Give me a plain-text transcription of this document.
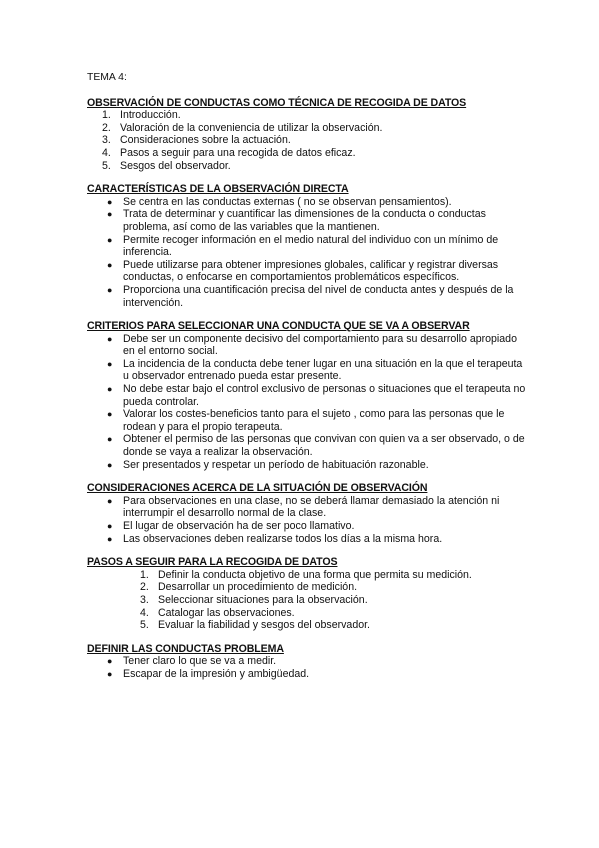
TEMA 4:
OBSERVACIÓN DE CONDUCTAS COMO TÉCNICA DE RECOGIDA DE DATOS
1. Introducción.
2. Valoración de la conveniencia de utilizar la observación.
3. Consideraciones sobre la actuación.
4. Pasos a seguir para una recogida de datos eficaz.
5. Sesgos del observador.
CARACTERÍSTICAS DE LA OBSERVACIÓN DIRECTA
● Se centra en las conductas externas ( no se observan pensamientos).
● Trata de determinar y cuantificar las dimensiones de la conducta o conductas problema, así como de las variables que la mantienen.
● Permite recoger información en el medio natural del individuo con un mínimo de inferencia.
● Puede utilizarse para obtener impresiones globales, calificar y registrar diversas conductas, o enfocarse en comportamientos problemáticos específicos.
● Proporciona una cuantificación precisa del nivel de conducta antes y después de la intervención.
CRITERIOS PARA SELECCIONAR UNA CONDUCTA QUE SE VA A OBSERVAR
● Debe ser un componente decisivo del comportamiento para su desarrollo apropiado en el entorno social.
● La incidencia de la conducta debe tener lugar en una situación en la que el terapeuta u observador entrenado pueda estar presente.
● No debe estar bajo el control exclusivo de personas o situaciones que el terapeuta no pueda controlar.
● Valorar los costes-beneficios tanto para el sujeto , como para las personas que le rodean y para el propio terapeuta.
● Obtener el permiso de las personas que convivan con quien va a ser observado, o de donde se vaya a realizar la observación.
● Ser presentados y respetar un período de habituación razonable.
CONSIDERACIONES ACERCA DE LA SITUACIÓN DE OBSERVACIÓN
● Para observaciones en una clase, no se deberá llamar demasiado la atención ni interrumpir el desarrollo normal de la clase.
● El lugar de observación ha de ser poco llamativo.
● Las observaciones deben realizarse todos los días a la misma hora.
PASOS A SEGUIR PARA LA RECOGIDA DE DATOS
1. Definir la conducta objetivo de una forma que permita su medición.
2. Desarrollar un procedimiento de medición.
3. Seleccionar situaciones para la observación.
4. Catalogar las observaciones.
5. Evaluar la fiabilidad y sesgos del observador.
DEFINIR LAS CONDUCTAS PROBLEMA
● Tener claro lo que se va a medir.
● Escapar de la impresión y ambigüedad.
